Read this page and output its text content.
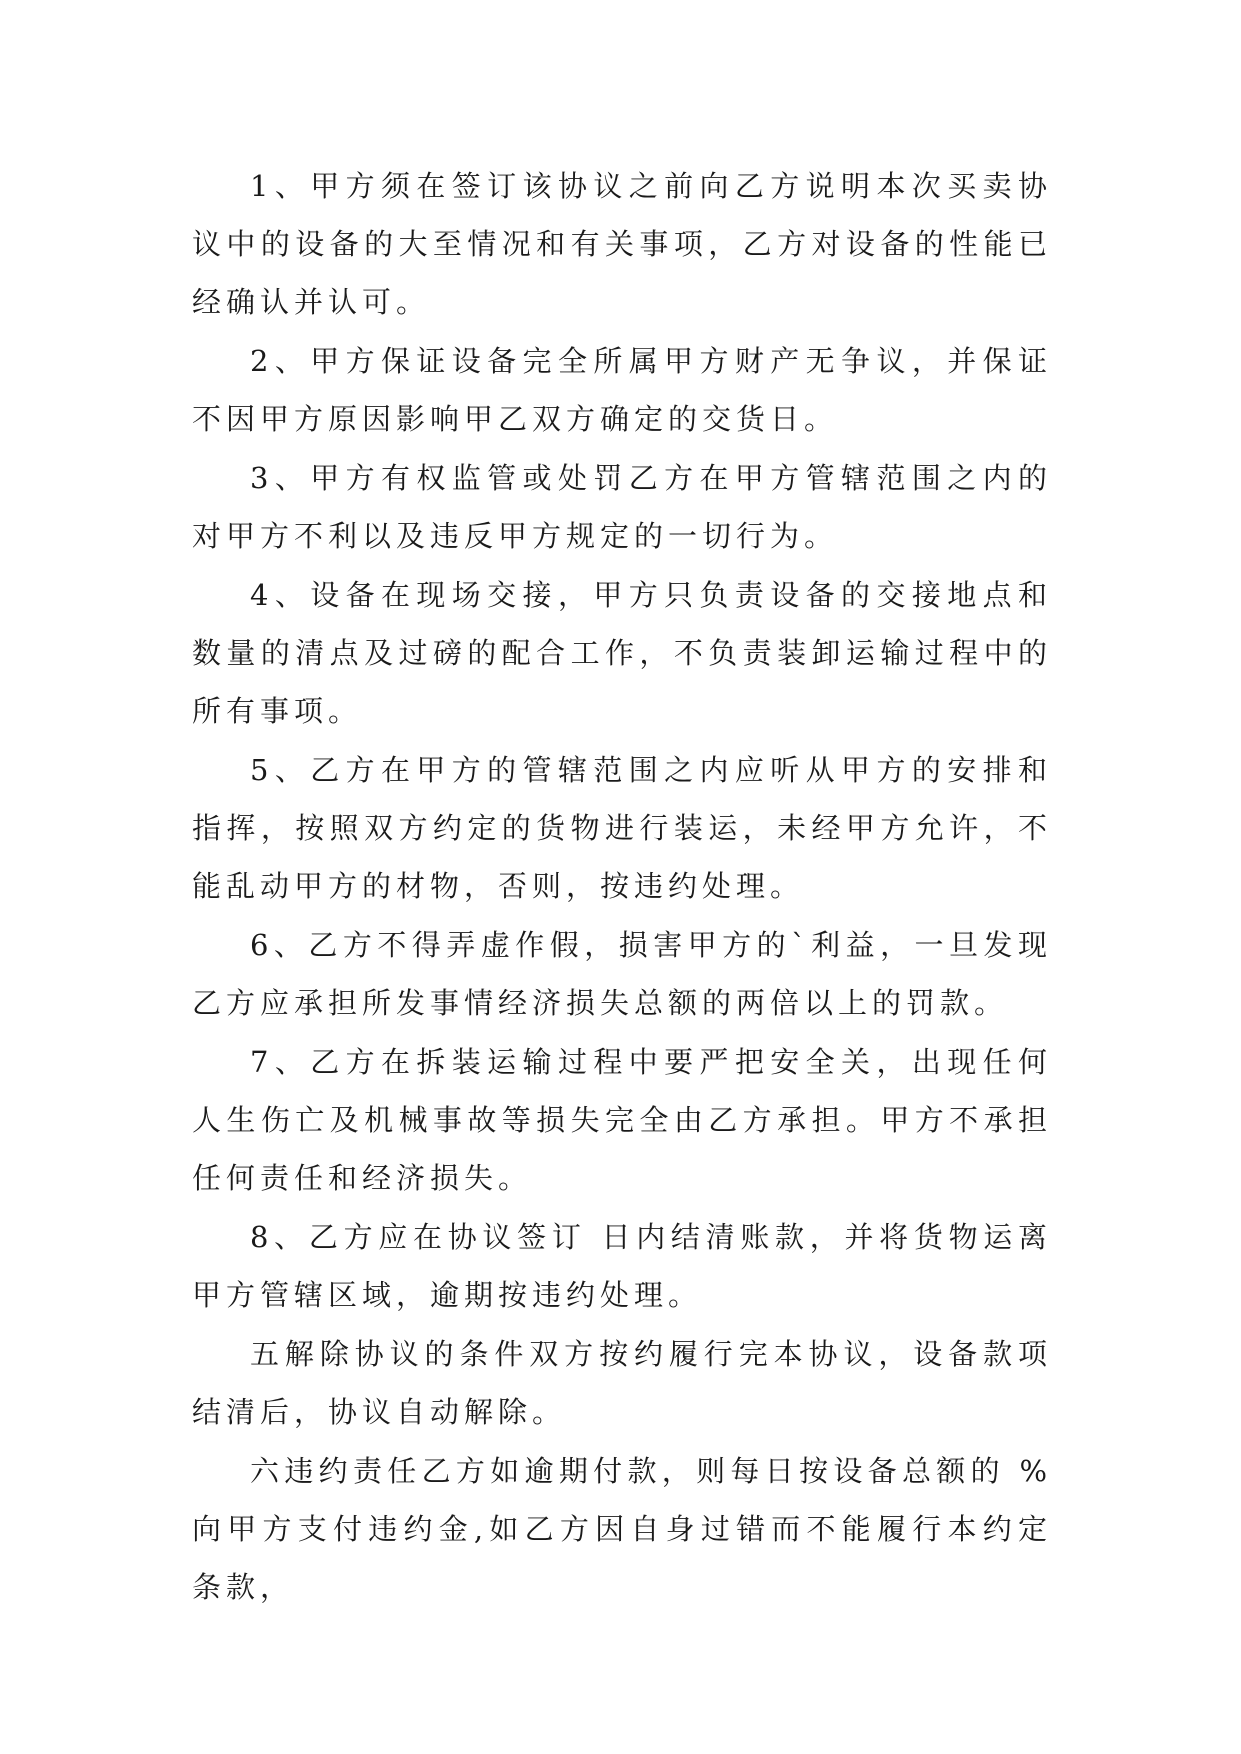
1、甲方须在签订该协议之前向乙方说明本次买卖协议中的设备的大至情况和有关事项，乙方对设备的性能已经确认并认可。

2、甲方保证设备完全所属甲方财产无争议，并保证不因甲方原因影响甲乙双方确定的交货日。

3、甲方有权监管或处罚乙方在甲方管辖范围之内的对甲方不利以及违反甲方规定的一切行为。

4、设备在现场交接，甲方只负责设备的交接地点和数量的清点及过磅的配合工作，不负责装卸运输过程中的所有事项。

5、乙方在甲方的管辖范围之内应听从甲方的安排和指挥，按照双方约定的货物进行装运，未经甲方允许，不能乱动甲方的材物，否则，按违约处理。

6、乙方不得弄虚作假，损害甲方的`利益，一旦发现乙方应承担所发事情经济损失总额的两倍以上的罚款。

7、乙方在拆装运输过程中要严把安全关，出现任何人生伤亡及机械事故等损失完全由乙方承担。甲方不承担任何责任和经济损失。

8、乙方应在协议签订 日内结清账款，并将货物运离甲方管辖区域，逾期按违约处理。

五解除协议的条件双方按约履行完本协议，设备款项结清后，协议自动解除。

六违约责任乙方如逾期付款，则每日按设备总额的 %向甲方支付违约金,如乙方因自身过错而不能履行本约定条款，
